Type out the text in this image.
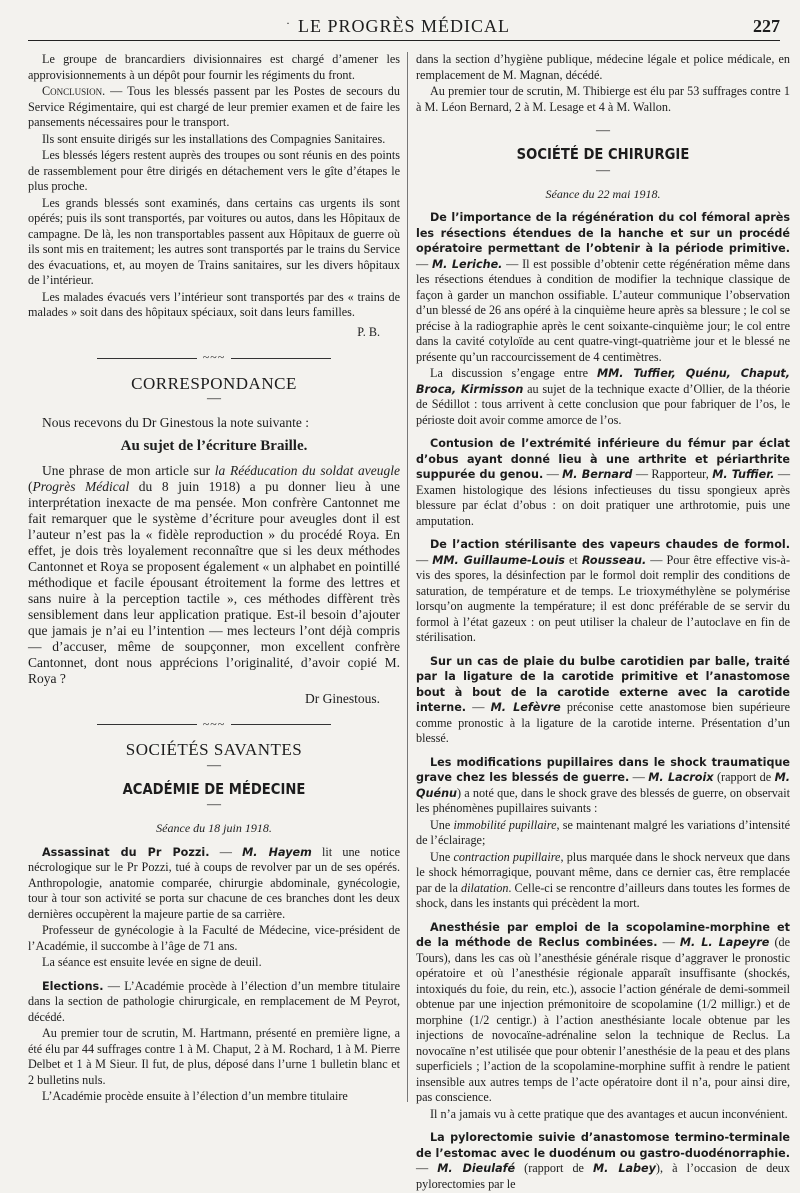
· LE PROGRÈS MÉDICAL	227

Le groupe de brancardiers divisionnaires est chargé d’amener les approvisionnements à un dépôt pour fournir les régiments du front.

Conclusion. — Tous les blessés passent par les Postes de secours du Service Régimentaire, qui est chargé de leur premier examen et de faire les pansements nécessaires pour le transport.

Ils sont ensuite dirigés sur les installations des Compagnies Sanitaires.

Les blessés légers restent auprès des troupes ou sont réunis en des points de rassemblement pour être dirigés en détachement vers le gîte d’étapes le plus proche.

Les grands blessés sont examinés, dans certains cas urgents ils sont opérés; puis ils sont transportés, par voitures ou autos, dans les Hôpitaux de campagne. De là, les non transportables passent aux Hôpitaux de guerre où ils sont mis en traitement; les autres sont transportés par le trains du Service des évacuations, et, au moyen de Trains sanitaires, sur les divers hôpitaux de l’intérieur.

Les malades évacués vers l’intérieur sont transportés par des « trains de malades » soit dans des hôpitaux spéciaux, soit dans leurs familles.

P. B.

~~~
CORRESPONDANCE
—

Nous recevons du Dr Ginestous la note suivante :

Au sujet de l’écriture Braille.

Une phrase de mon article sur la Rééducation du soldat aveugle (Progrès Médical du 8 juin 1918) a pu donner lieu à une interprétation inexacte de ma pensée. Mon confrère Cantonnet me fait remarquer que le système d’écriture pour aveugles dont il est l’auteur n’est pas la « fidèle reproduction » du procédé Roya. En effet, je dois très loyalement reconnaître que si les deux méthodes Cantonnet et Roya se proposent également « un alphabet en pointillé méthodique et facile épousant étroitement la forme des lettres et sans nuire à la perception tactile », ces méthodes diffèrent très sensiblement dans leur application pratique. Est-il besoin d’ajouter que jamais je n’ai eu l’intention — mes lecteurs l’ont déjà compris — d’accuser, même de soupçonner, mon excellent confrère Cantonnet, dont nous apprécions l’originalité, d’avoir copié M. Roya ?

Dr Ginestous.

~~~
SOCIÉTÉS SAVANTES
—
ACADÉMIE DE MÉDECINE
—
Séance du 18 juin 1918.

Assassinat du Pr Pozzi. — M. Hayem lit une notice nécrologique sur le Pr Pozzi, tué à coups de revolver par un de ses opérés. Anthropologie, anatomie comparée, chirurgie abdominale, gynécologie, tour à tour son activité se porta sur chacune de ces branches dont les deux dernières occupèrent la majeure partie de sa carrière.

Professeur de gynécologie à la Faculté de Médecine, vice-président de l’Académie, il succombe à l’âge de 71 ans.

La séance est ensuite levée en signe de deuil.

Elections. — L’Académie procède à l’élection d’un membre titulaire dans la section de pathologie chirurgicale, en remplacement de M Peyrot, décédé.

Au premier tour de scrutin, M. Hartmann, présenté en première ligne, a été élu par 44 suffrages contre 1 à M. Chaput, 2 à M. Rochard, 1 à M. Pierre Delbet et 1 à M Sieur. Il fut, de plus, déposé dans l’urne 1 bulletin blanc et 2 bulletins nuls.

L’Académie procède ensuite à l’élection d’un membre titulaire

dans la section d’hygiène publique, médecine légale et police médicale, en remplacement de M. Magnan, décédé.

Au premier tour de scrutin, M. Thibierge est élu par 53 suffrages contre 1 à M. Léon Bernard, 2 à M. Lesage et 4 à M. Wallon.

—
SOCIÉTÉ DE CHIRURGIE
—
Séance du 22 mai 1918.

De l’importance de la régénération du col fémoral après les résections étendues de la hanche et sur un procédé opératoire permettant de l’obtenir à la période primitive. — M. Leriche. — Il est possible d’obtenir cette régénération même dans les résections étendues à condition de modifier la technique classique de façon à garder un manchon ossifiable. L’auteur communique l’observation d’un blessé de 26 ans opéré à la cinquième heure après sa blessure ; le col se précise à la radiographie après le cent soixante-cinquième jour; le col entre dans la cavité cotyloïde au cent quatre-vingt-quatrième jour et le blessé ne présente qu’un raccourcissement de 4 centimètres.

La discussion s’engage entre MM. Tuffier, Quénu, Chaput, Broca, Kirmisson au sujet de la technique exacte d’Ollier, de la théorie de Sédillot : tous arrivent à cette conclusion que pour fabriquer de l’os, le périoste doit avoir comme amorce de l’os.

Contusion de l’extrémité inférieure du fémur par éclat d’obus ayant donné lieu à une arthrite et périarthrite suppurée du genou. — M. Bernard — Rapporteur, M. Tuffier. — Examen histologique des lésions infectieuses du tissu spongieux après blessure par éclat d’obus : on doit pratiquer une arthrotomie, puis une amputation.

De l’action stérilisante des vapeurs chaudes de formol. — MM. Guillaume-Louis et Rousseau. — Pour être effective vis-à-vis des spores, la désinfection par le formol doit remplir des conditions de saturation, de température et de temps. Le trioxyméthylène se polymérise lorsqu’on augmente la température; il est donc préférable de se servir du formol à l’état gazeux : on peut utiliser la chaleur de l’autoclave en fin de stérilisation.

Sur un cas de plaie du bulbe carotidien par balle, traité par la ligature de la carotide primitive et l’anastomose bout à bout de la carotide externe avec la carotide interne. — M. Lefèvre préconise cette anastomose bien supérieure comme pronostic à la ligature de la carotide interne. Présentation d’un blessé.

Les modifications pupillaires dans le shock traumatique grave chez les blessés de guerre. — M. Lacroix (rapport de M. Quénu) a noté que, dans le shock grave des blessés de guerre, on observait les phénomènes pupillaires suivants :

Une immobilité pupillaire, se maintenant malgré les variations d’intensité de l’éclairage;

Une contraction pupillaire, plus marquée dans le shock nerveux que dans le shock hémorragique, pouvant même, dans ce dernier cas, être remplacée par de la dilatation. Celle-ci se rencontre d’ailleurs dans toutes les formes de shock, dans les instants qui précèdent la mort.

Anesthésie par emploi de la scopolamine-morphine et de la méthode de Reclus combinées. — M. L. Lapeyre (de Tours), dans les cas où l’anesthésie générale risque d’aggraver le pronostic opératoire et où l’anesthésie régionale apparaît insuffisante (shockés, intoxiqués du foie, du rein, etc.), associe l’action générale de demi-sommeil obtenue par une injection prémonitoire de scopolamine (1/2 milligr.) et de morphine (1/2 centigr.) à l’action anesthésiante locale obtenue par les injections de novocaïne-adrénaline selon la technique de Reclus. La novocaïne n’est utilisée que pour obtenir l’anesthésie de la peau et des plans superficiels ; l’action de la scopolamine-morphine suffit à rendre le patient insensible aux autres temps de l’acte opératoire dont il n’a, pour ainsi dire, pas conscience.

Il n’a jamais vu à cette pratique que des avantages et aucun inconvénient.

La pylorectomie suivie d’anastomose termino-terminale de l’estomac avec le duodénum ou gastro-duodénorraphie. — M. Dieulafé (rapport de M. Labey), à l’occasion de deux pylorectomies par le
